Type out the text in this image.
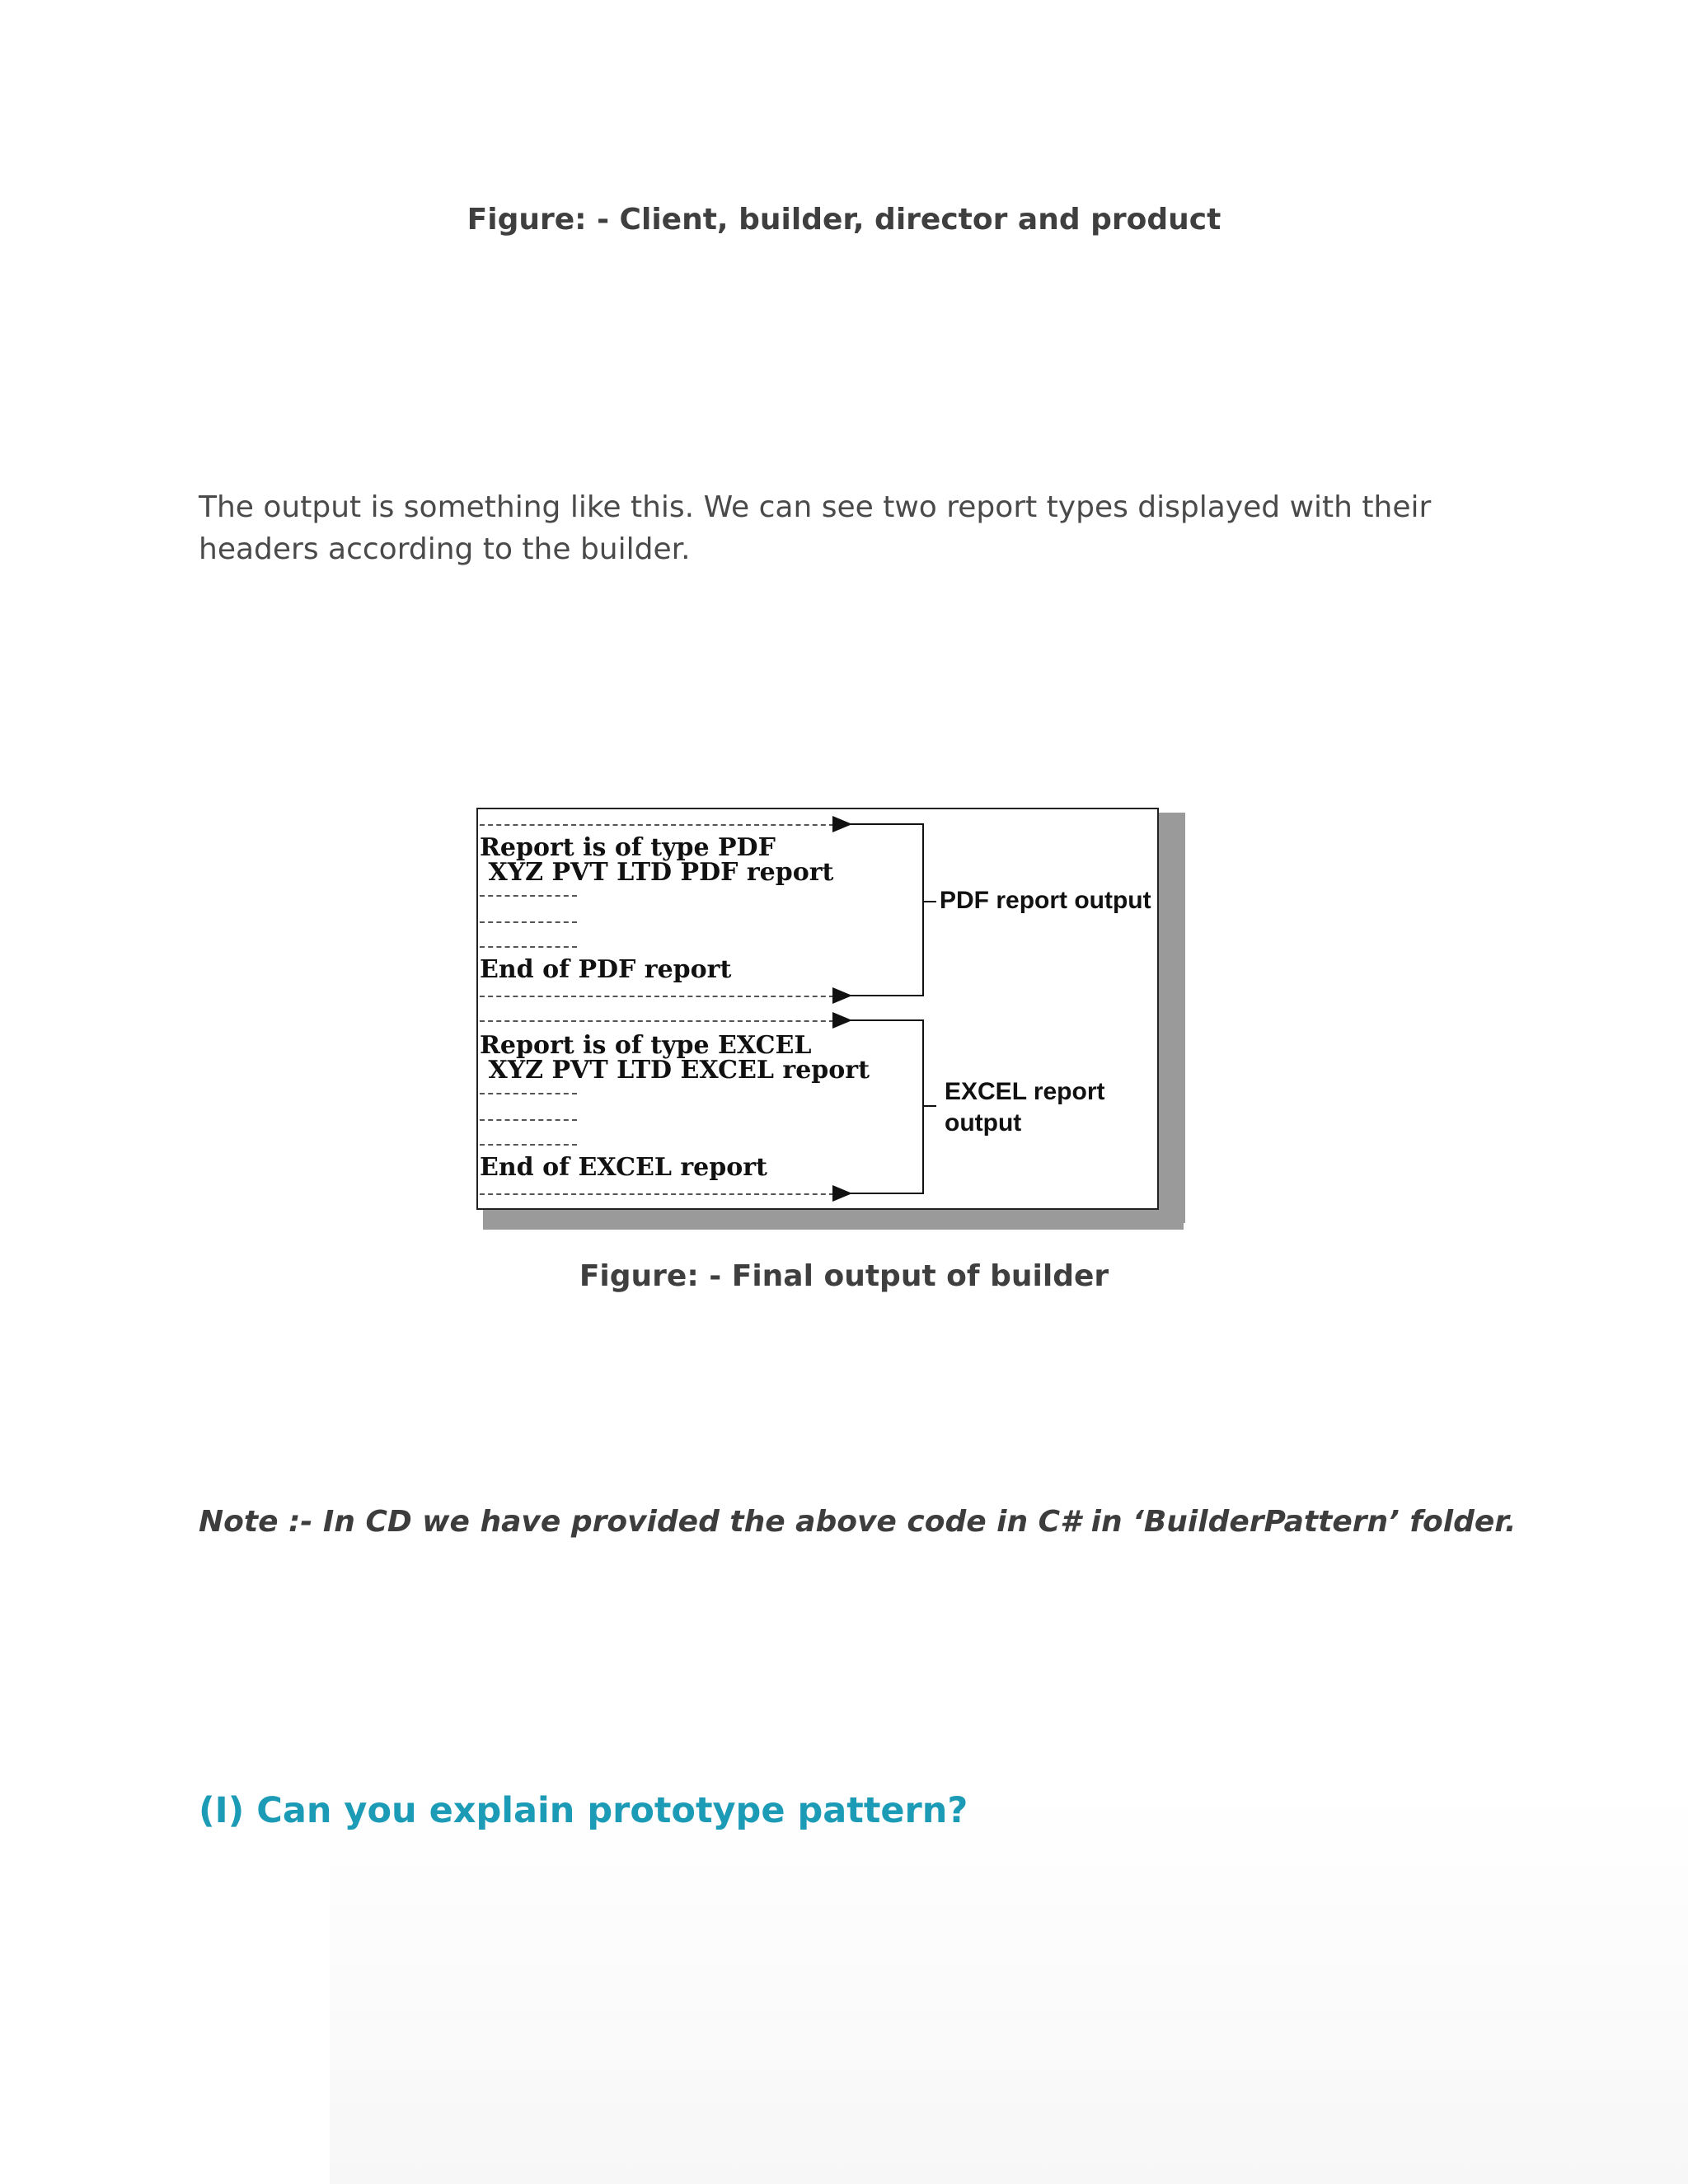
Figure: - Client, builder, director and product
The output is something like this. We can see two report types displayed with their headers according to the builder.
Report is of type PDF
XYZ PVT LTD PDF report
End of PDF report
Report is of type EXCEL
XYZ PVT LTD EXCEL report
End of EXCEL report
PDF report output
EXCEL report
output
Figure: - Final output of builder
Note :- In CD we have provided the above code in C# in ‘BuilderPattern’ folder.
(I) Can you explain prototype pattern?
